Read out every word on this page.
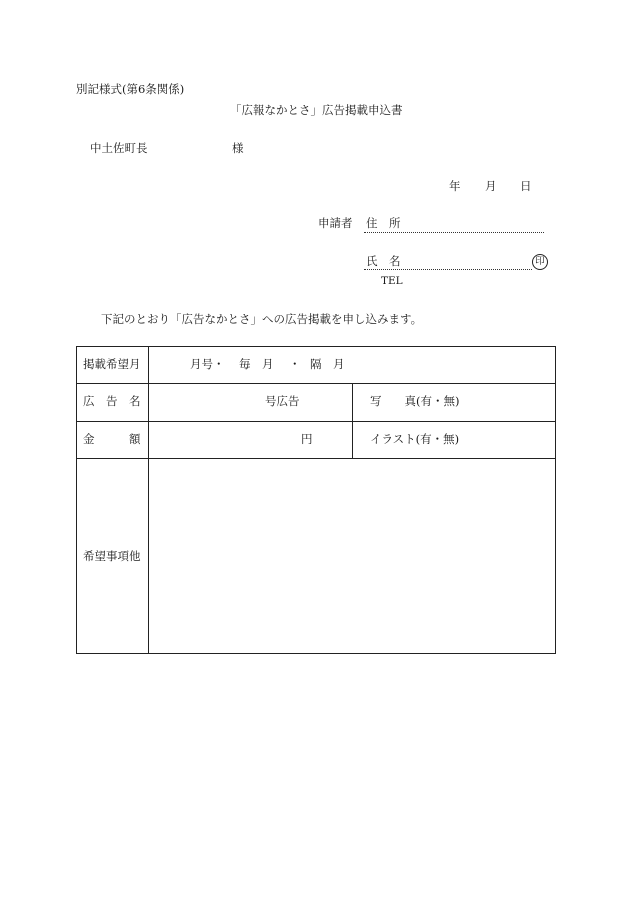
別記様式(第6条関係)
「広報なかとさ」広告掲載申込書
中土佐町長	様
年 月 日
申請者 住　所
氏　名	印
TEL
下記のとおり「広告なかとさ」への広告掲載を申し込みます。
掲載希望月	月号・ 毎　月 ・ 隔　月
広　告　名	号広告	写　　真(有・無)
金　　　額	円	イラスト(有・無)
希望事項他
